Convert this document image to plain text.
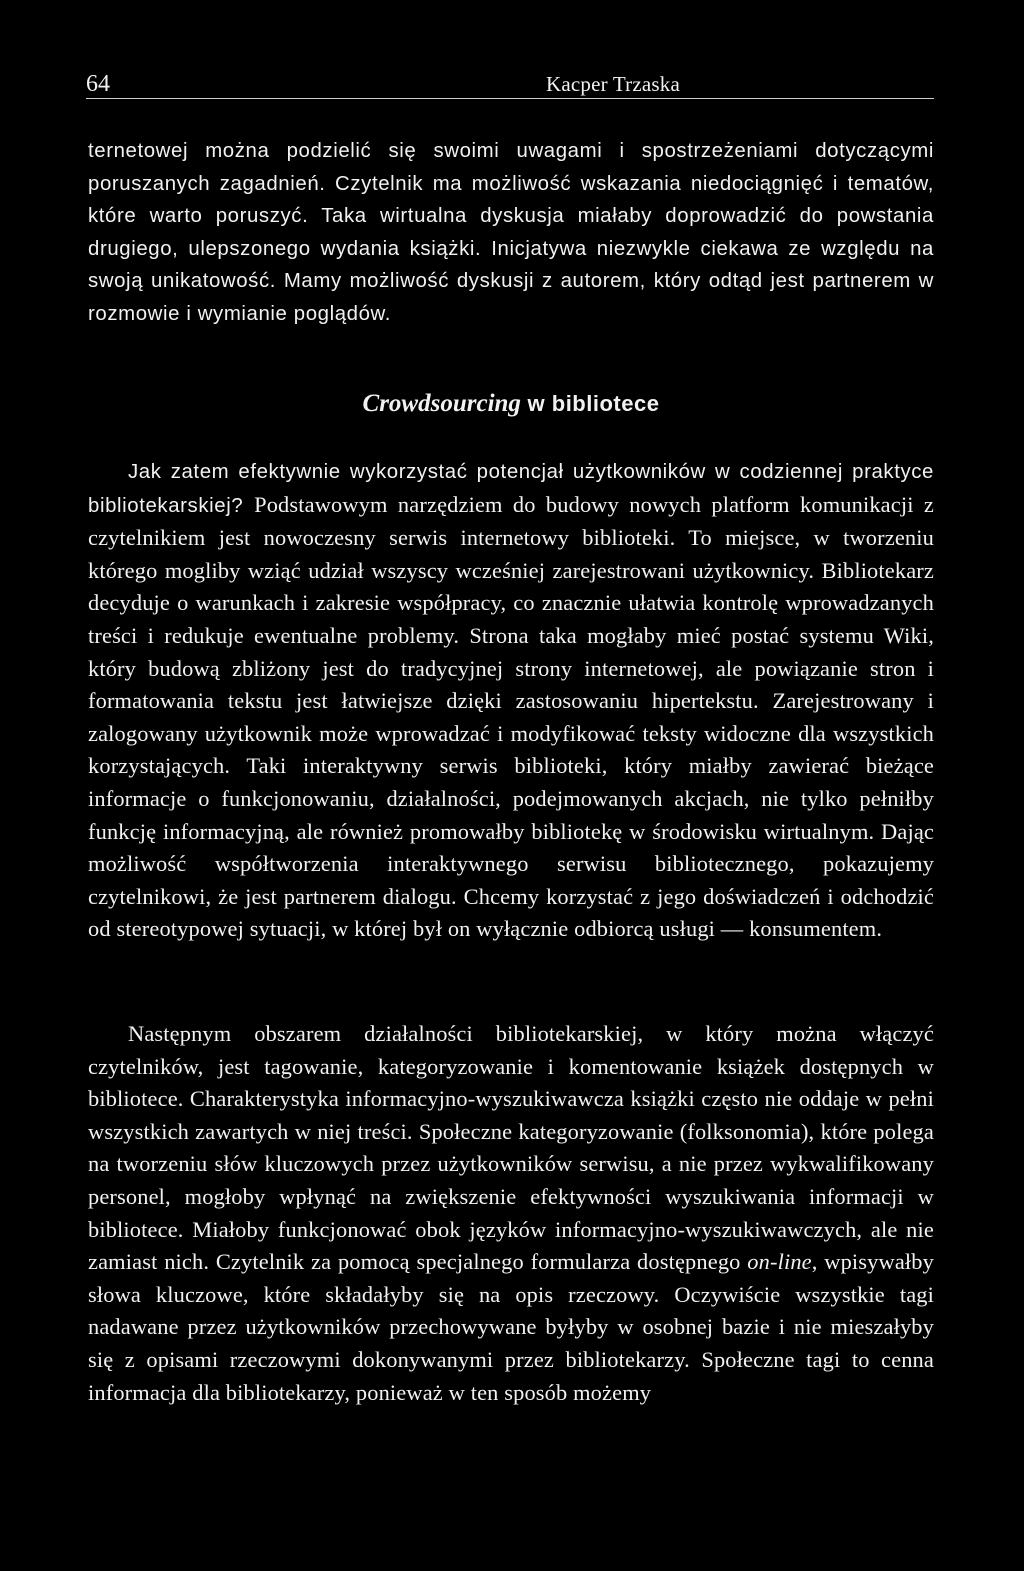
64	Kacper Trzaska

ternetowej można podzielić się swoimi uwagami i spostrzeżeniami dotyczącymi poruszanych zagadnień. Czytelnik ma możliwość wskazania niedociągnięć i tematów, które warto poruszyć. Taka wirtualna dyskusja miałaby doprowadzić do powstania drugiego, ulepszonego wydania książki. Inicjatywa niezwykle ciekawa ze względu na swoją unikatowość. Mamy możliwość dyskusji z autorem, który odtąd jest partnerem w rozmowie i wymianie poglądów.

Crowdsourcing w bibliotece

Jak zatem efektywnie wykorzystać potencjał użytkowników w codziennej praktyce bibliotekarskiej? Podstawowym narzędziem do budowy nowych platform komunikacji z czytelnikiem jest nowoczesny serwis internetowy biblioteki. To miejsce, w tworzeniu którego mogliby wziąć udział wszyscy wcześniej zarejestrowani użytkownicy. Bibliotekarz decyduje o warunkach i zakresie współpracy, co znacznie ułatwia kontrolę wprowadzanych treści i redukuje ewentualne problemy. Strona taka mogłaby mieć postać systemu Wiki, który budową zbliżony jest do tradycyjnej strony internetowej, ale powiązanie stron i formatowania tekstu jest łatwiejsze dzięki zastosowaniu hipertekstu. Zarejestrowany i zalogowany użytkownik może wprowadzać i modyfikować teksty widoczne dla wszystkich korzystających. Taki interaktywny serwis biblioteki, który miałby zawierać bieżące informacje o funkcjonowaniu, działalności, podejmowanych akcjach, nie tylko pełniłby funkcję informacyjną, ale również promowałby bibliotekę w środowisku wirtualnym. Dając możliwość współtworzenia interaktywnego serwisu bibliotecznego, pokazujemy czytelnikowi, że jest partnerem dialogu. Chcemy korzystać z jego doświadczeń i odchodzić od stereotypowej sytuacji, w której był on wyłącznie odbiorcą usługi — konsumentem.

Następnym obszarem działalności bibliotekarskiej, w który można włączyć czytelników, jest tagowanie, kategoryzowanie i komentowanie książek dostępnych w bibliotece. Charakterystyka informacyjno-wyszukiwawcza książki często nie oddaje w pełni wszystkich zawartych w niej treści. Społeczne kategoryzowanie (folksonomia), które polega na tworzeniu słów kluczowych przez użytkowników serwisu, a nie przez wykwalifikowany personel, mogłoby wpłynąć na zwiększenie efektywności wyszukiwania informacji w bibliotece. Miałoby funkcjonować obok języków informacyjno-wyszukiwawczych, ale nie zamiast nich. Czytelnik za pomocą specjalnego formularza dostępnego on-line, wpisywałby słowa kluczowe, które składałyby się na opis rzeczowy. Oczywiście wszystkie tagi nadawane przez użytkowników przechowywane byłyby w osobnej bazie i nie mieszałyby się z opisami rzeczowymi dokonywanymi przez bibliotekarzy. Społeczne tagi to cenna informacja dla bibliotekarzy, ponieważ w ten sposób możemy
